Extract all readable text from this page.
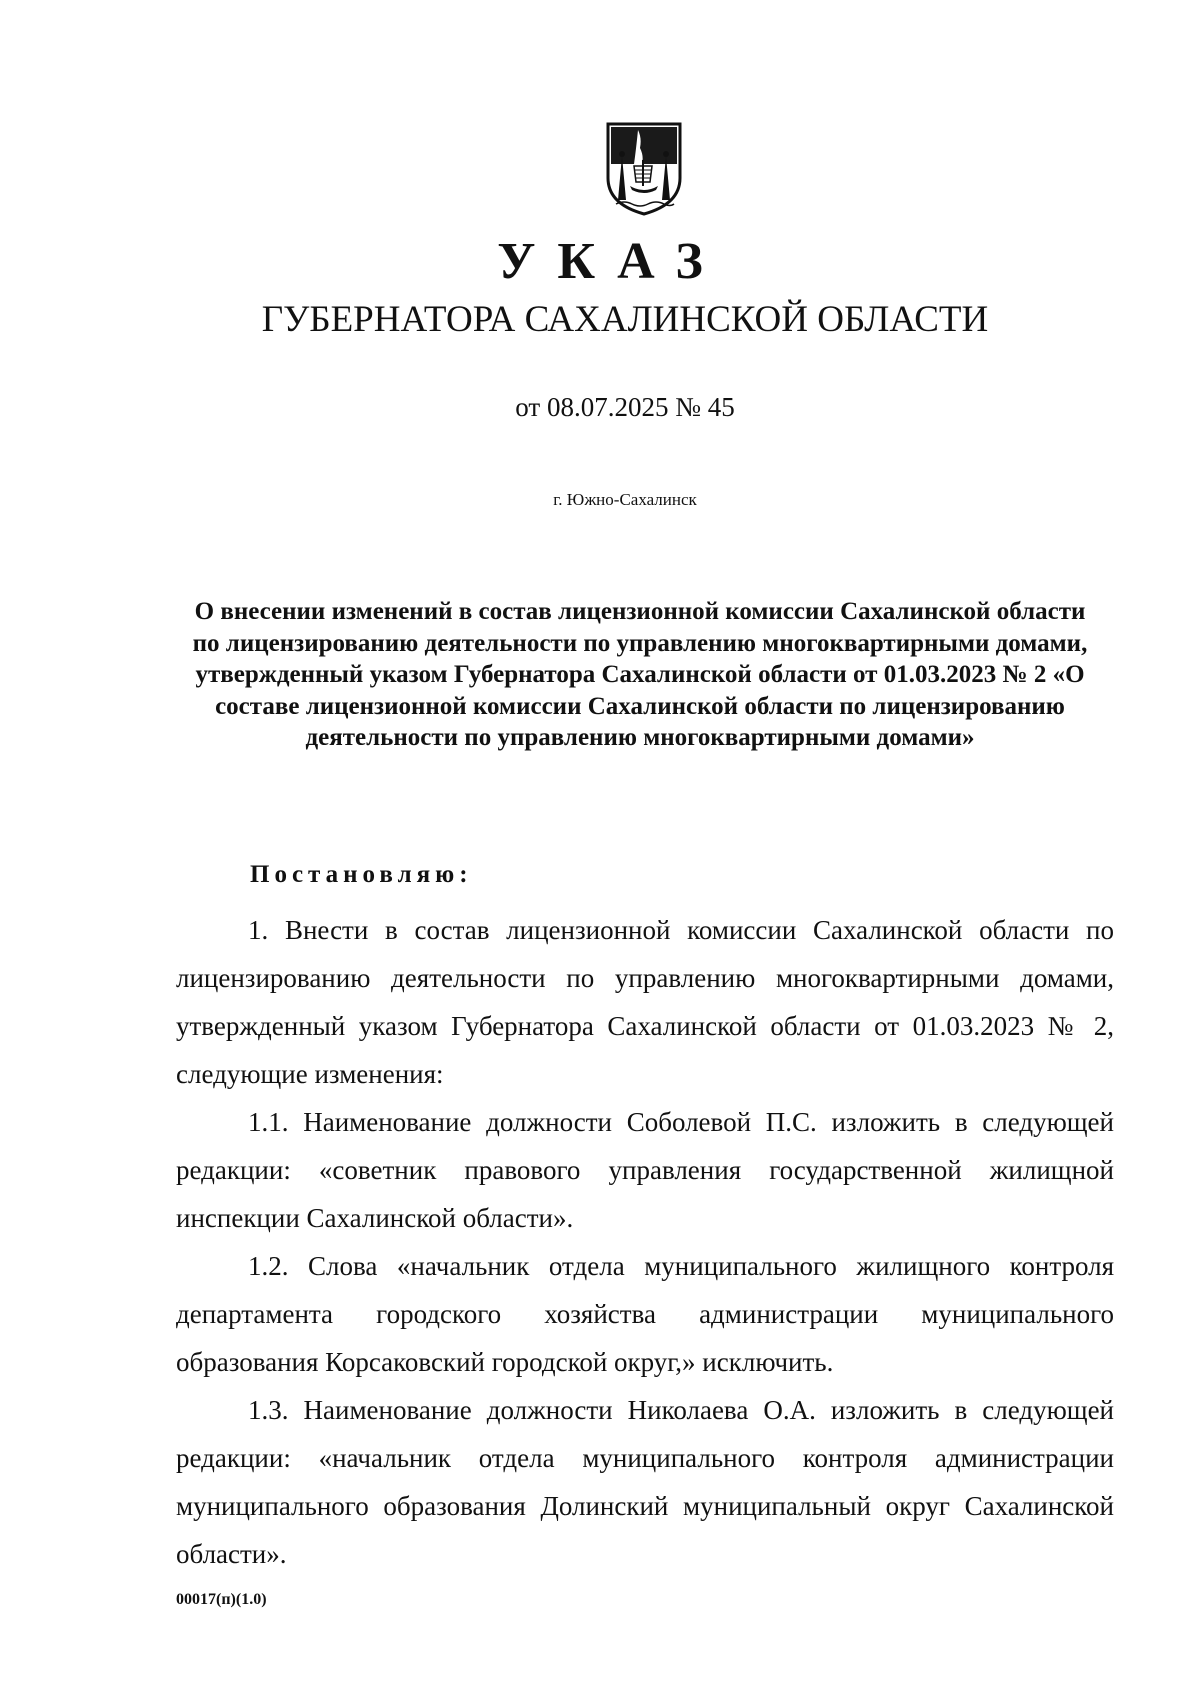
УКАЗ
ГУБЕРНАТОРА САХАЛИНСКОЙ ОБЛАСТИ
от 08.07.2025 № 45
г. Южно-Сахалинск
О внесении изменений в состав лицензионной комиссии Сахалинской области по лицензированию деятельности по управлению многоквартирными домами, утвержденный указом Губернатора Сахалинской области от 01.03.2023 № 2 «О составе лицензионной комиссии Сахалинской области по лицензированию деятельности по управлению многоквартирными домами»
Постановляю:

1. Внести в состав лицензионной комиссии Сахалинской области по лицензированию деятельности по управлению многоквартирными домами, утвержденный указом Губернатора Сахалинской области от 01.03.2023 № 2, следующие изменения:

1.1. Наименование должности Соболевой П.С. изложить в следующей редакции: «советник правового управления государственной жилищной инспекции Сахалинской области».

1.2. Слова «начальник отдела муниципального жилищного контроля департамента городского хозяйства администрации муниципального образования Корсаковский городской округ,» исключить.

1.3. Наименование должности Николаева О.А. изложить в следующей редакции: «начальник отдела муниципального контроля администрации муниципального образования Долинский муниципальный округ Сахалинской области».

00017(п)(1.0)
